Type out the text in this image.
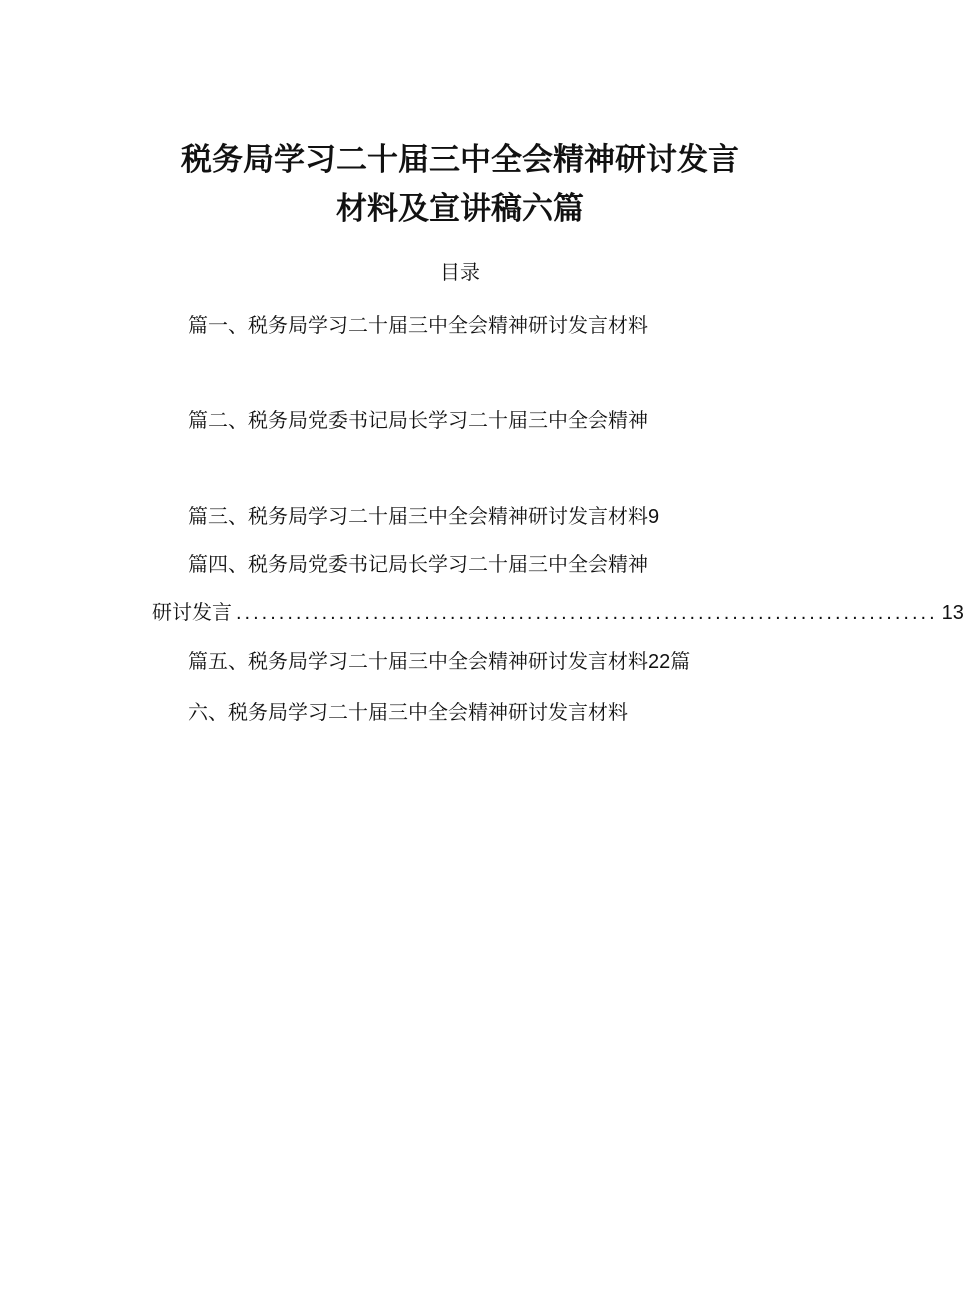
税务局学习二十届三中全会精神研讨发言
材料及宣讲稿六篇
目录
篇一、税务局学习二十届三中全会精神研讨发言材料
篇二、税务局党委书记局长学习二十届三中全会精神
篇三、税务局学习二十届三中全会精神研讨发言材料9
篇四、税务局党委书记局长学习二十届三中全会精神
研讨发言 .................................................................................. 13
篇五、税务局学习二十届三中全会精神研讨发言材料22篇
六、税务局学习二十届三中全会精神研讨发言材料
